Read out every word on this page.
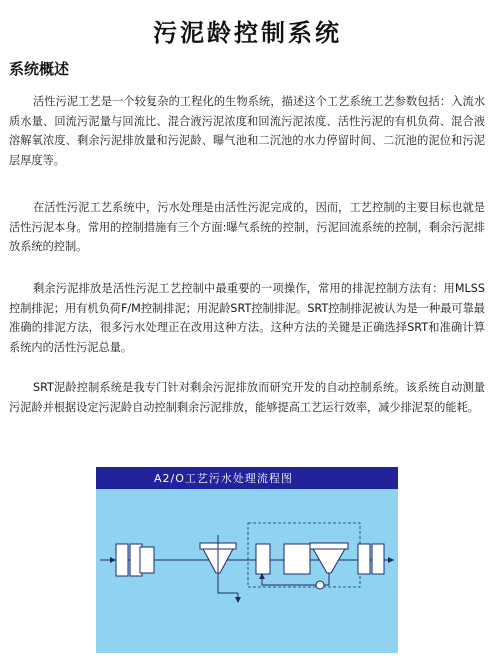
污泥龄控制系统
系统概述

活性污泥工艺是一个较复杂的工程化的生物系统，描述这个工艺系统工艺参数包括：入流水质水量、回流污泥量与回流比、混合液污泥浓度和回流污泥浓度、活性污泥的有机负荷、混合液溶解氧浓度、剩余污泥排放量和污泥龄、曝气池和二沉池的水力停留时间、二沉池的泥位和污泥层厚度等。

在活性污泥工艺系统中，污水处理是由活性污泥完成的，因而，工艺控制的主要目标也就是活性污泥本身。常用的控制措施有三个方面:曝气系统的控制，污泥回流系统的控制，剩余污泥排放系统的控制。

剩余污泥排放是活性污泥工艺控制中最重要的一项操作，常用的排泥控制方法有：用MLSS控制排泥；用有机负荷F/M控制排泥；用泥龄SRT控制排泥。SRT控制排泥被认为是一种最可靠最准确的排泥方法，很多污水处理正在改用这种方法。这种方法的关键是正确选择SRT和准确计算系统内的活性污泥总量。

SRT泥龄控制系统是我专门针对剩余污泥排放而研究开发的自动控制系统。该系统自动测量污泥龄并根据设定污泥龄自动控制剩余污泥排放，能够提高工艺运行效率，减少排泥泵的能耗。

A2/O工艺污水处理流程图
